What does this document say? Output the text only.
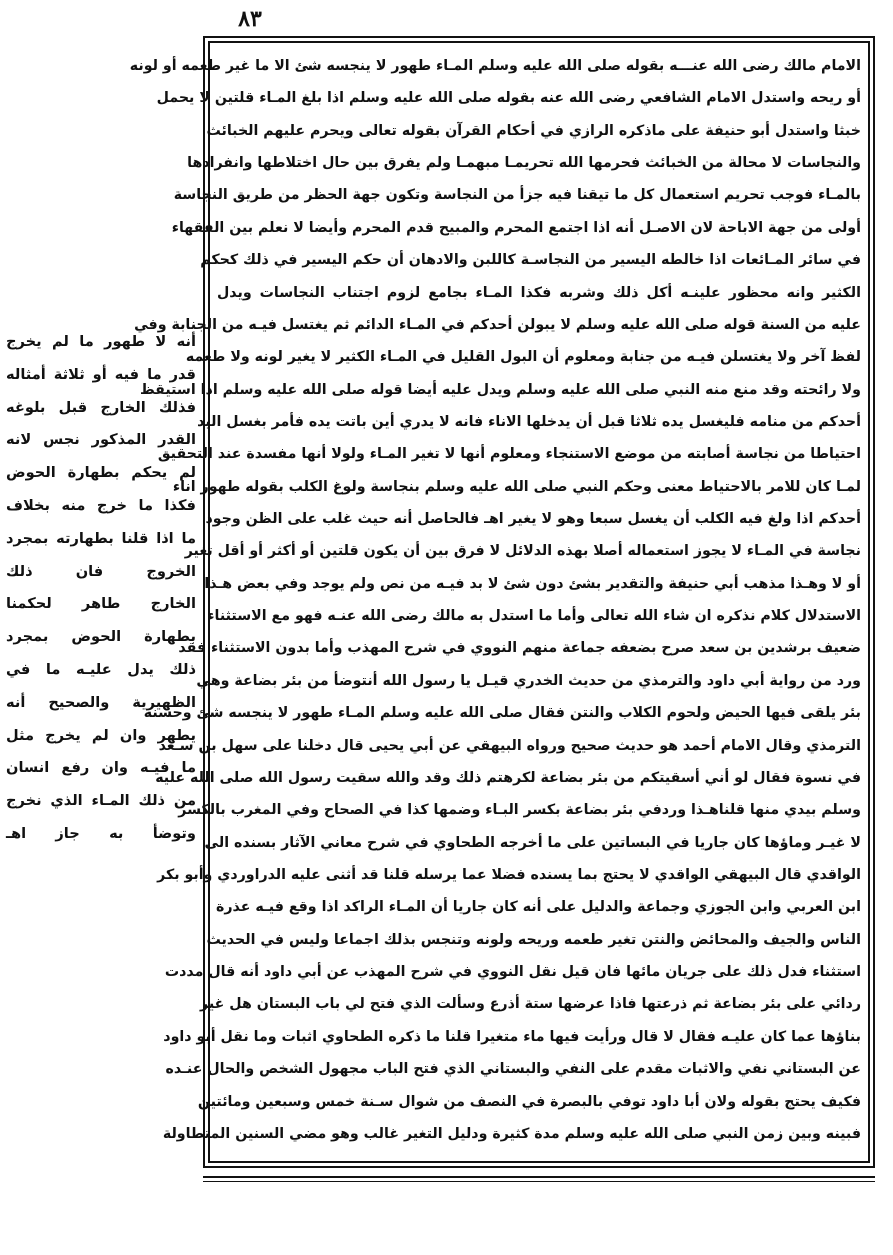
٨٣
الامام مالك رضى الله عنـــه بقوله صلى الله عليه وسلم المـاء طهور لا ينجسه شئ الا ما غير طعمه أو لونه
أو ريحه واستدل الامام الشافعي رضى الله عنه بقوله صلى الله عليه وسلم اذا بلغ المـاء قلتين لا يحمل
خبثا واستدل أبو حنيفة على ماذكره الرازي في أحكام القرآن بقوله تعالى ويحرم عليهم الخبائث
والنجاسات لا محالة من الخبائث فحرمها الله تحريمـا مبهمـا ولم يفرق بين حال اختلاطها وانفرادها
بالمـاء فوجب تحريم استعمال كل ما تيقنا فيه جزأ من النجاسة وتكون جهة الحظر من طريق النجاسة
أولى من جهة الاباحة لان الاصـل أنه اذا اجتمع المحرم والمبيح قدم المحرم وأيضا لا نعلم بين الفقهاء
في سائر المـائعات اذا خالطه اليسير من النجاسـة كاللبن والادهان أن حكم اليسير في ذلك كحكم
الكثير وانه محظور علينـه أكل ذلك وشربه فكذا المـاء بجامع لزوم اجتناب النجاسات ويدل
عليه من السنة قوله صلى الله عليه وسلم لا يبولن أحدكم في المـاء الدائم ثم يغتسل فيـه من الجنابة وفي
لفظ آخر ولا يغتسلن فيـه من جنابة ومعلوم أن البول القليل في المـاء الكثير لا يغير لونه ولا طعمه
ولا رائحته وقد منع منه النبي صلى الله عليه وسلم ويدل عليه أيضا قوله صلى الله عليه وسلم اذا استيقظ
أحدكم من منامه فليغسل يده ثلاثا قبل أن يدخلها الاناء فانه لا يدري أين باتت يده فأمر بغسل اليد
احتياطا من نجاسة أصابته من موضع الاستنجاء ومعلوم أنها لا تغير المـاء ولولا أنها مفسدة عند التحقيق
لمـا كان للامر بالاحتياط معنى وحكم النبي صلى الله عليه وسلم بنجاسة ولوغ الكلب بقوله طهور اناء
أحدكم اذا ولغ فيه الكلب أن يغسل سبعا وهو لا يغير اهـ فالحاصل أنه حيث غلب على الظن وجود
نجاسة في المـاء لا يجوز استعماله أصلا بهذه الدلائل لا فرق بين أن يكون قلتين أو أكثر أو أقل تغير
أو لا وهـذا مذهب أبي حنيفة والتقدير بشئ دون شئ لا بد فيـه من نص ولم يوجد وفي بعض هـذا
الاستدلال كلام نذكره ان شاء الله تعالى وأما ما استدل به مالك رضى الله عنـه فهو مع الاستثناء
ضعيف برشدين بن سعد صرح بضعفه جماعة منهم النووي في شرح المهذب وأما بدون الاستثناء فقد
ورد من رواية أبي داود والترمذي من حديث الخدري قيـل يا رسول الله أنتوضأ من بئر بضاعة وهي
بئر يلقى فيها الحيض ولحوم الكلاب والنتن فقال صلى الله عليه وسلم المـاء طهور لا ينجسه شئ وحسنه
الترمذي وقال الامام أحمد هو حديث صحيح ورواه البيهقي عن أبي يحيى قال دخلنا على سهل بن سـعد
في نسوة فقال لو أني أسقيتكم من بئر بضاعة لكرهتم ذلك وقد والله سقيت رسول الله صلى الله عليه
وسلم بيدي منها قلناهـذا وردفي بئر بضاعة بكسر البـاء وضمها كذا في الصحاح وفي المغرب بالكسر
لا غيـر وماؤها كان جاريا في البساتين على ما أخرجه الطحاوي في شرح معاني الآثار بسنده الى
الواقدي قال البيهقي الواقدي لا يحتج بما يسنده فضلا عما يرسله قلنا قد أثنى عليه الدراوردي وأبو بكر
ابن العربي وابن الجوزي وجماعة والدليل على أنه كان جاريا أن المـاء الراكد اذا وقع فيـه عذرة
الناس والجيف والمحائض والنتن تغير طعمه وريحه ولونه وتنجس بذلك اجماعا وليس في الحديث
استثناء فدل ذلك على جريان مائها فان قيل نقل النووي في شرح المهذب عن أبي داود أنه قال مددت
ردائي على بئر بضاعة ثم ذرعتها فاذا عرضها ستة أذرع وسألت الذي فتح لي باب البستان هل غير
بناؤها عما كان عليـه فقال لا قال ورأيت فيها ماء متغيرا قلنا ما ذكره الطحاوي اثبات وما نقل أبو داود
عن البستاني نفي والاثبات مقدم على النفي والبستاني الذي فتح الباب مجهول الشخص والحال عنـده
فكيف يحتج بقوله ولان أبا داود توفي بالبصرة في النصف من شوال سـنة خمس وسبعين ومائتين
فبينه وبين زمن النبي صلى الله عليه وسلم مدة كثيرة ودليل التغير غالب وهو مضي السنين المتطاولة
أنه لا طهور ما لم يخرج
قدر ما فيه أو ثلاثة أمثاله
فذلك الخارج قبل بلوغه
القدر المذكور نجس لانه
لم يحكم بطهارة الحوض
فكذا ما خرج منه بخلاف
ما اذا قلنا بطهارته بمجرد
الخروج فان ذلك
الخارج طاهر لحكمنا
بطهارة الحوض بمجرد
ذلك يدل عليـه ما في
الظهيرية والصحيح أنه
يطهر وان لم يخرج مثل
ما فيـه وان رفع انسان
من ذلك المـاء الذي نخرج
وتوضأ به جاز اهـ
